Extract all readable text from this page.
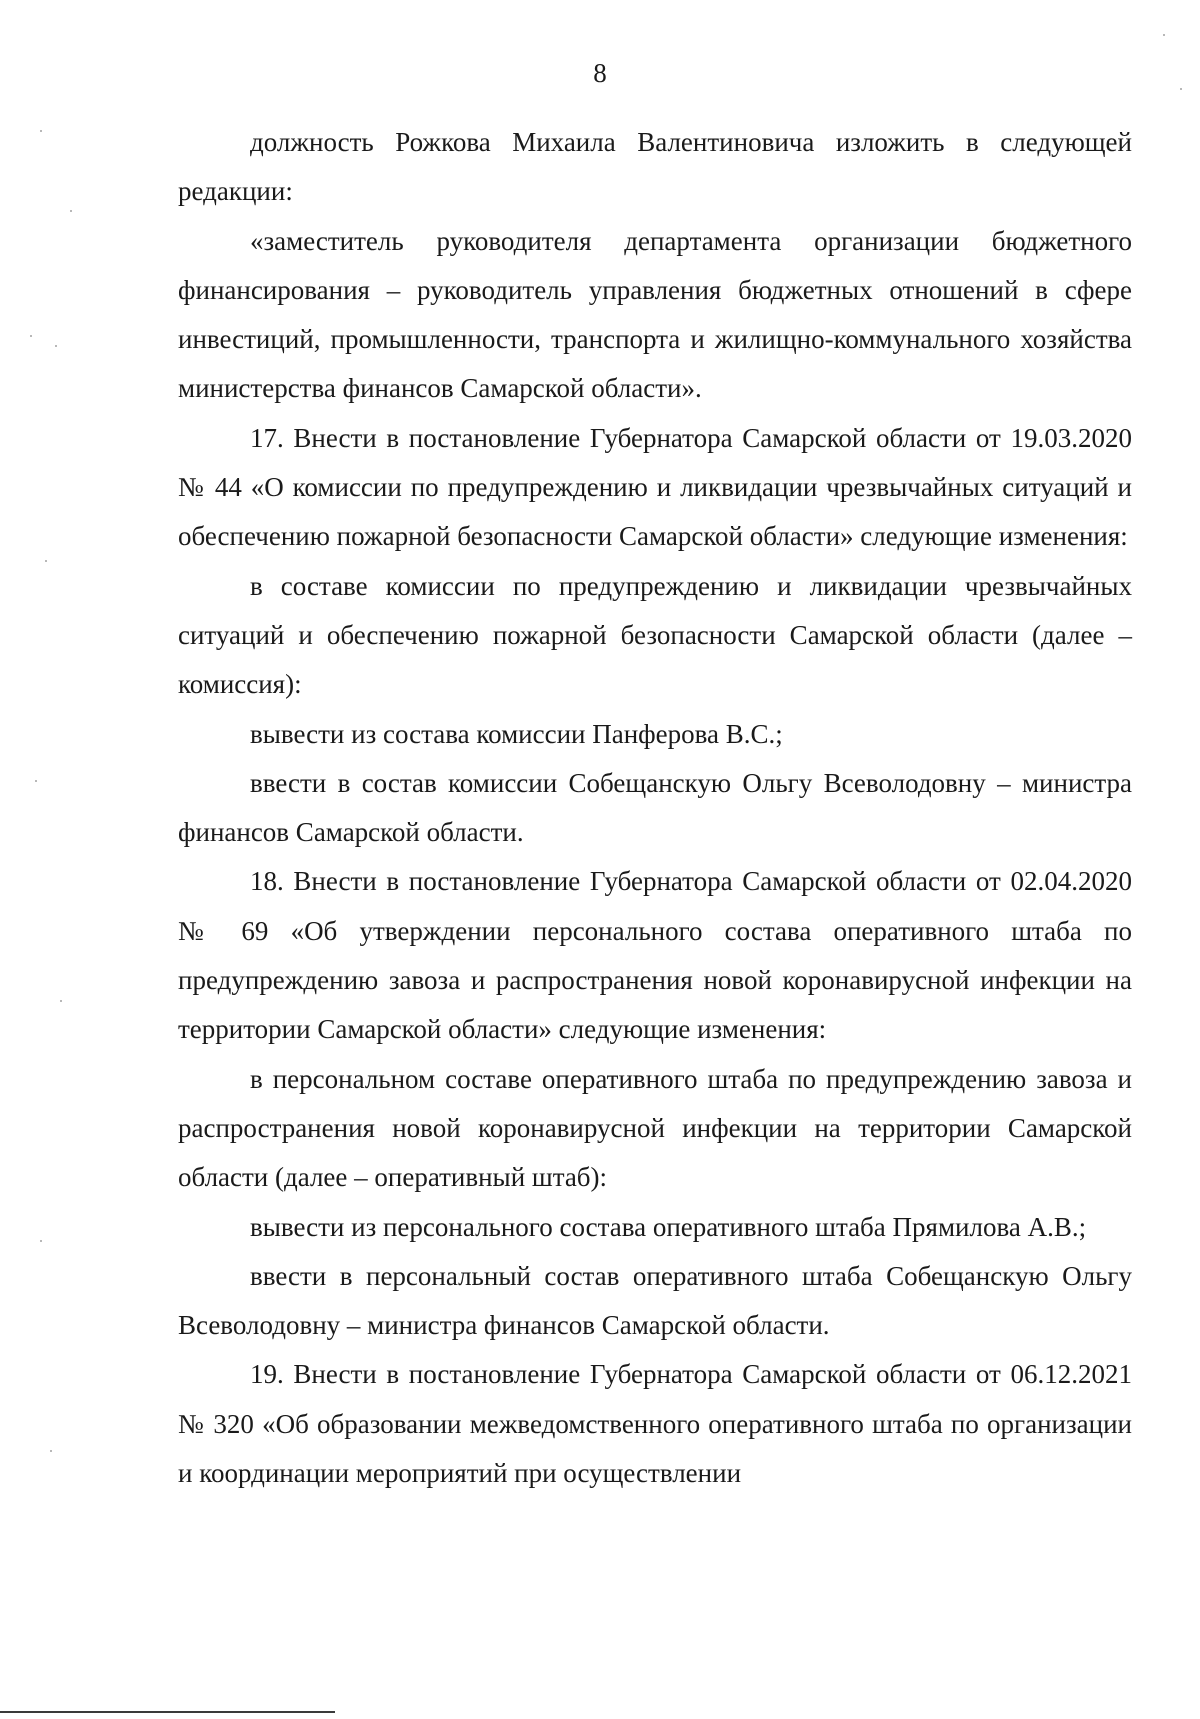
8

должность Рожкова Михаила Валентиновича изложить в следующей редакции:

«заместитель руководителя департамента организации бюджетного финансирования – руководитель управления бюджетных отношений в сфере инвестиций, промышленности, транспорта и жилищно-коммунального хозяйства министерства финансов Самарской области».

17. Внести в постановление Губернатора Самарской области от 19.03.2020 № 44 «О комиссии по предупреждению и ликвидации чрезвычайных ситуаций и обеспечению пожарной безопасности Самарской области» следующие изменения:

в составе комиссии по предупреждению и ликвидации чрезвычайных ситуаций и обеспечению пожарной безопасности Самарской области (далее – комиссия):

вывести из состава комиссии Панферова В.С.;

ввести в состав комиссии Собещанскую Ольгу Всеволодовну – министра финансов Самарской области.

18. Внести в постановление Губернатора Самарской области от 02.04.2020 № 69 «Об утверждении персонального состава оперативного штаба по предупреждению завоза и распространения новой коронавирусной инфекции на территории Самарской области» следующие изменения:

в персональном составе оперативного штаба по предупреждению завоза и распространения новой коронавирусной инфекции на территории Самарской области (далее – оперативный штаб):

вывести из персонального состава оперативного штаба Прямилова А.В.;

ввести в персональный состав оперативного штаба Собещанскую Ольгу Всеволодовну – министра финансов Самарской области.

19. Внести в постановление Губернатора Самарской области от 06.12.2021 № 320 «Об образовании межведомственного оперативного штаба по организации и координации мероприятий при осуществлении
